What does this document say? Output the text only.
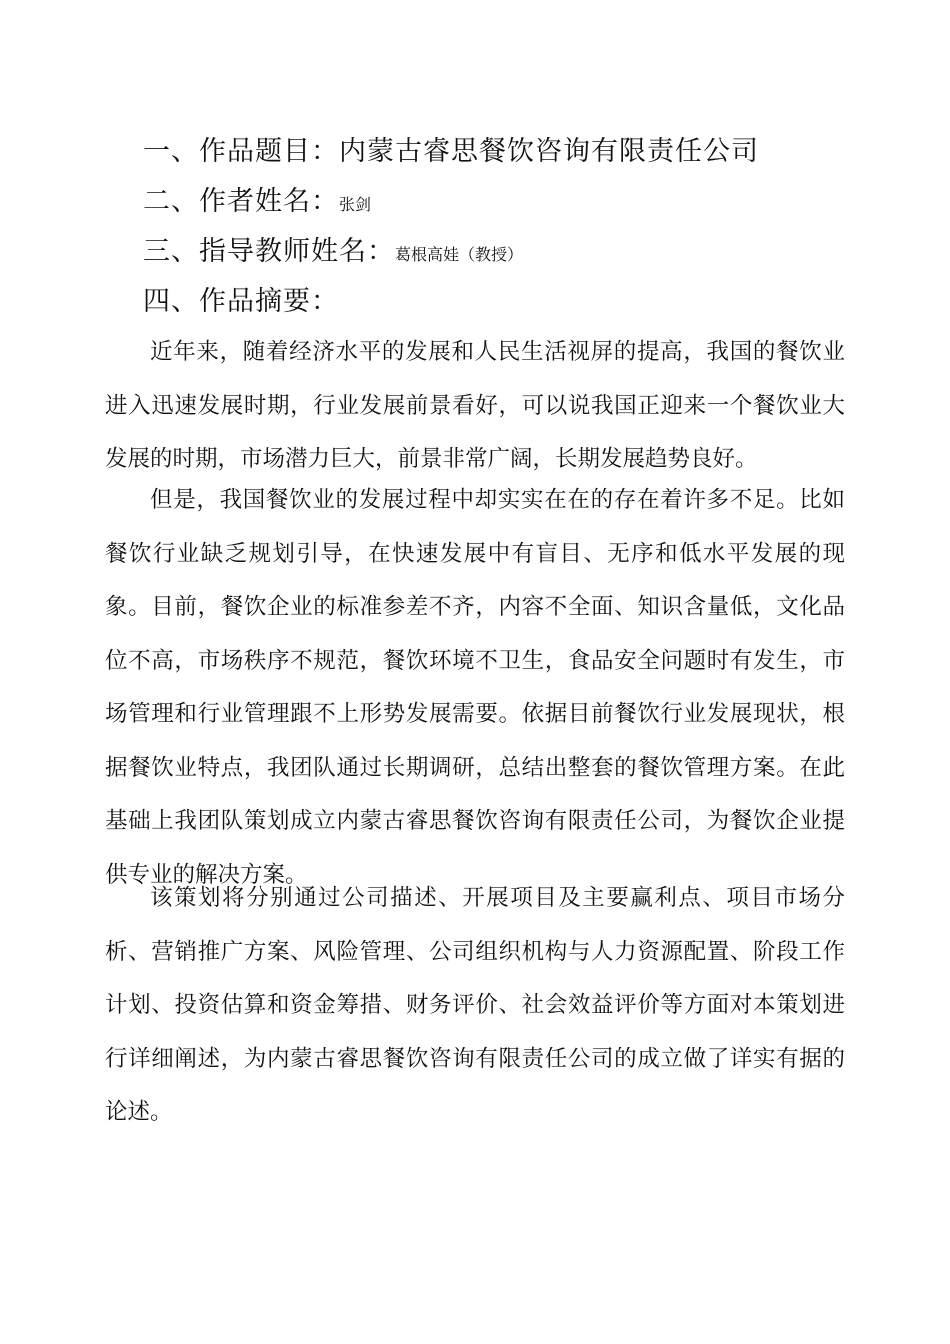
一、作品题目：内蒙古睿思餐饮咨询有限责任公司
二、作者姓名：张剑
三、指导教师姓名：葛根高娃（教授）
四、作品摘要：

近年来，随着经济水平的发展和人民生活视屏的提高，我国的餐饮业进入迅速发展时期，行业发展前景看好，可以说我国正迎来一个餐饮业大发展的时期，市场潜力巨大，前景非常广阔，长期发展趋势良好。

但是，我国餐饮业的发展过程中却实实在在的存在着许多不足。比如餐饮行业缺乏规划引导，在快速发展中有盲目、无序和低水平发展的现象。目前，餐饮企业的标准参差不齐，内容不全面、知识含量低，文化品位不高，市场秩序不规范，餐饮环境不卫生，食品安全问题时有发生，市场管理和行业管理跟不上形势发展需要。依据目前餐饮行业发展现状，根据餐饮业特点，我团队通过长期调研，总结出整套的餐饮管理方案。在此基础上我团队策划成立内蒙古睿思餐饮咨询有限责任公司，为餐饮企业提供专业的解决方案。

该策划将分别通过公司描述、开展项目及主要赢利点、项目市场分析、营销推广方案、风险管理、公司组织机构与人力资源配置、阶段工作计划、投资估算和资金筹措、财务评价、社会效益评价等方面对本策划进行详细阐述，为内蒙古睿思餐饮咨询有限责任公司的成立做了详实有据的论述。
